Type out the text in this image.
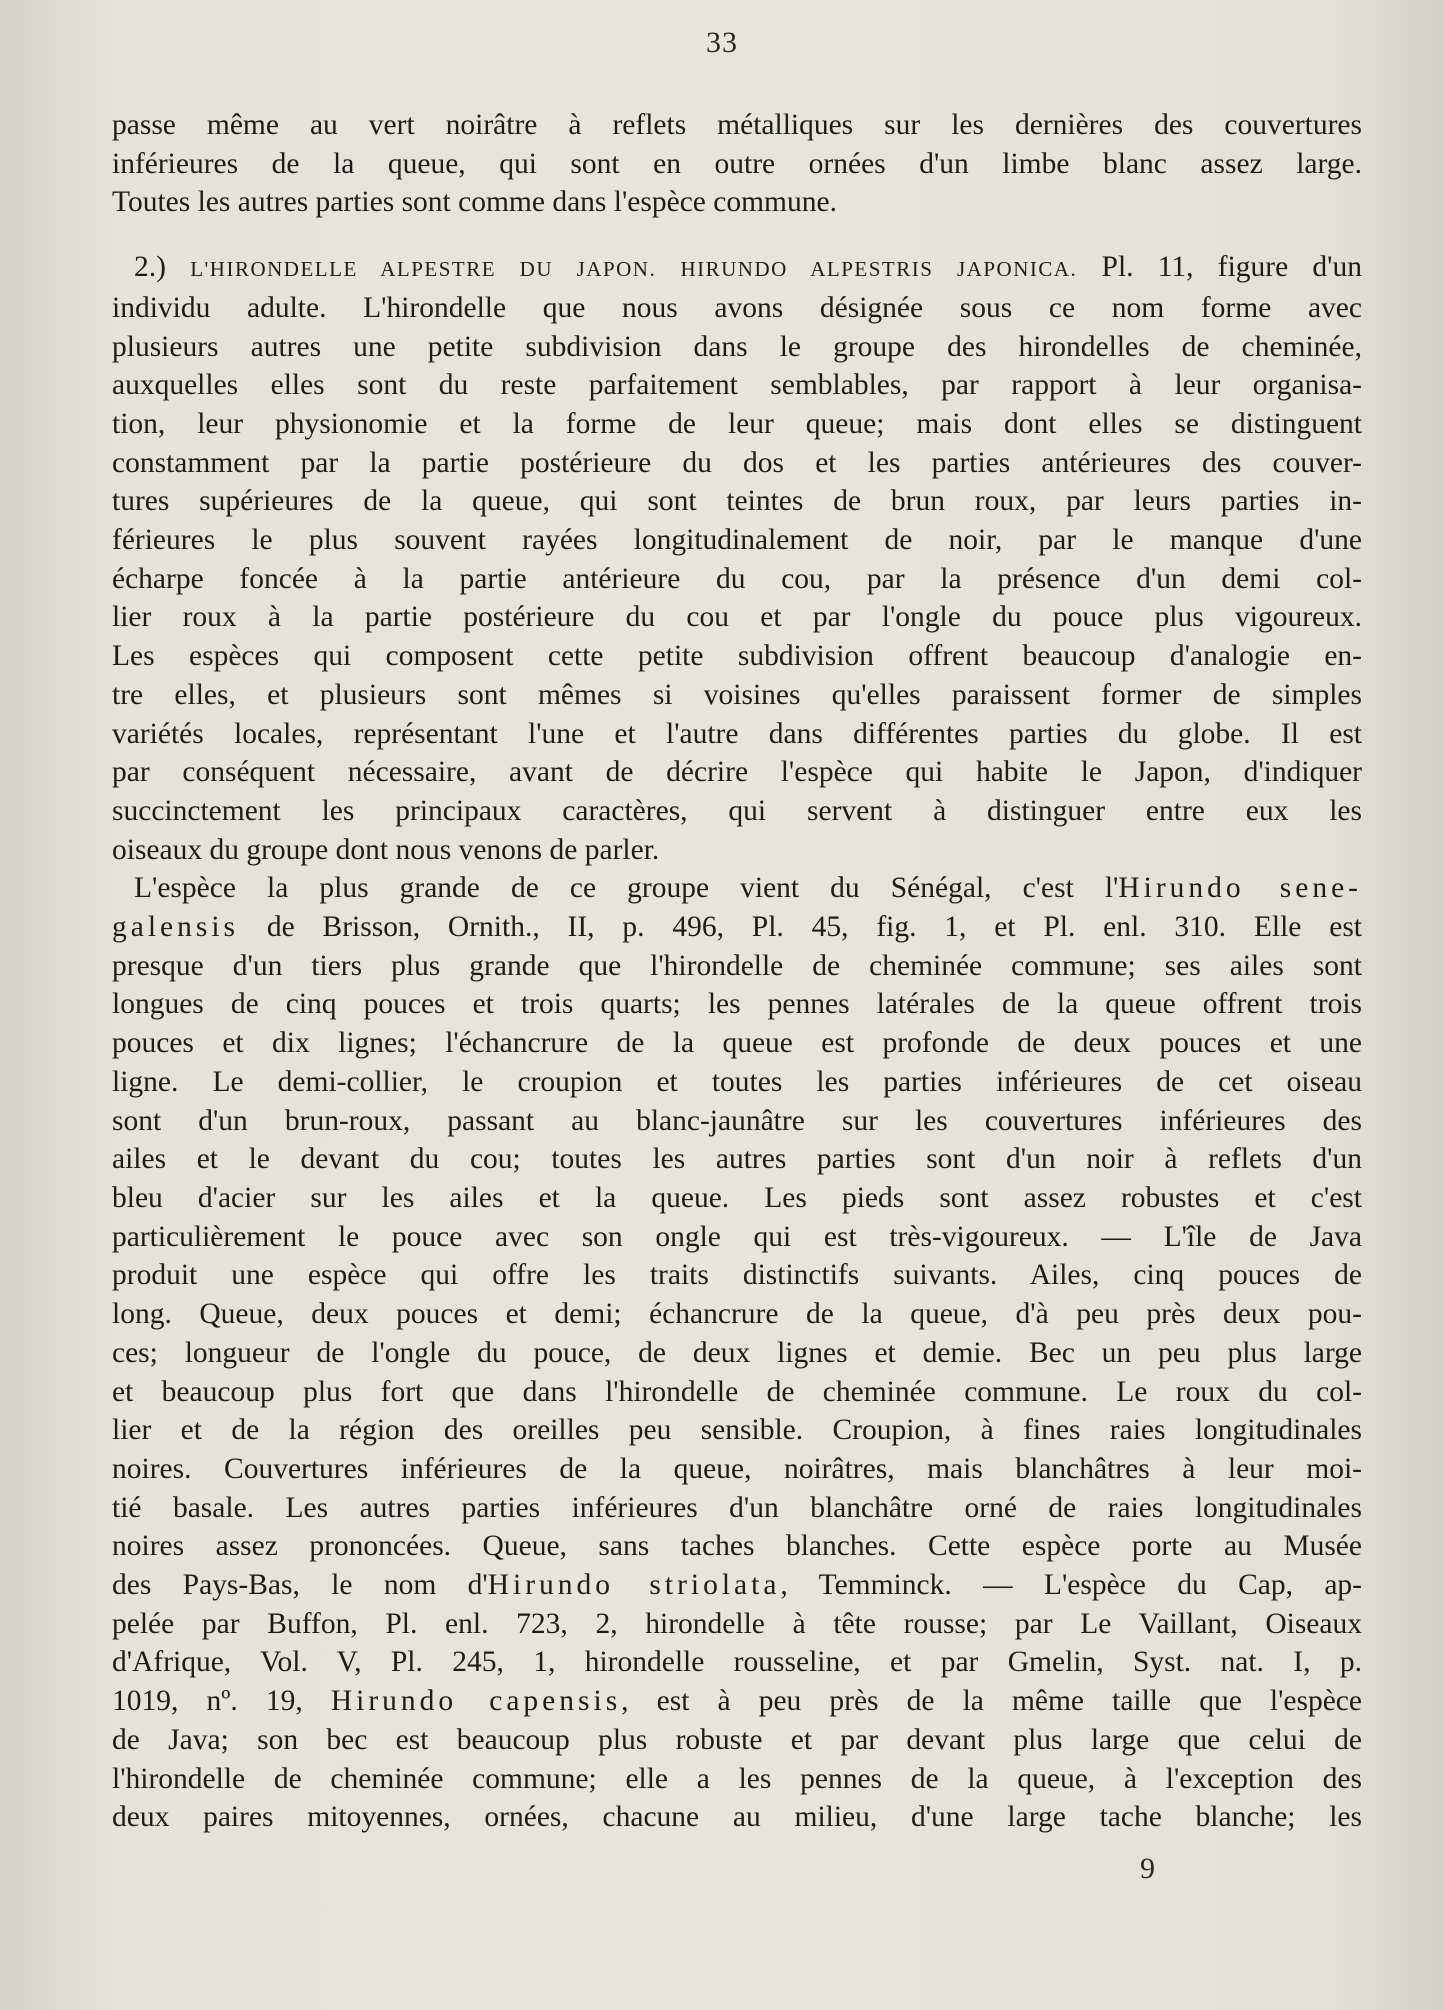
33
passe même au vert noirâtre à reflets métalliques sur les dernières des couvertures
inférieures de la queue, qui sont en outre ornées d'un limbe blanc assez large.
Toutes les autres parties sont comme dans l'espèce commune.
2.) L'HIRONDELLE ALPESTRE DU JAPON. HIRUNDO ALPESTRIS JAPONICA. Pl. 11, figure d'un
individu adulte. L'hirondelle que nous avons désignée sous ce nom forme avec
plusieurs autres une petite subdivision dans le groupe des hirondelles de cheminée,
auxquelles elles sont du reste parfaitement semblables, par rapport à leur organisa-
tion, leur physionomie et la forme de leur queue; mais dont elles se distinguent
constamment par la partie postérieure du dos et les parties antérieures des couver-
tures supérieures de la queue, qui sont teintes de brun roux, par leurs parties in-
férieures le plus souvent rayées longitudinalement de noir, par le manque d'une
écharpe foncée à la partie antérieure du cou, par la présence d'un demi col-
lier roux à la partie postérieure du cou et par l'ongle du pouce plus vigoureux.
Les espèces qui composent cette petite subdivision offrent beaucoup d'analogie en-
tre elles, et plusieurs sont mêmes si voisines qu'elles paraissent former de simples
variétés locales, représentant l'une et l'autre dans différentes parties du globe. Il est
par conséquent nécessaire, avant de décrire l'espèce qui habite le Japon, d'indiquer
succinctement les principaux caractères, qui servent à distinguer entre eux les
oiseaux du groupe dont nous venons de parler.
L'espèce la plus grande de ce groupe vient du Sénégal, c'est l'Hirundo sene-
galensis de Brisson, Ornith., II, p. 496, Pl. 45, fig. 1, et Pl. enl. 310. Elle est
presque d'un tiers plus grande que l'hirondelle de cheminée commune; ses ailes sont
longues de cinq pouces et trois quarts; les pennes latérales de la queue offrent trois
pouces et dix lignes; l'échancrure de la queue est profonde de deux pouces et une
ligne. Le demi-collier, le croupion et toutes les parties inférieures de cet oiseau
sont d'un brun-roux, passant au blanc-jaunâtre sur les couvertures inférieures des
ailes et le devant du cou; toutes les autres parties sont d'un noir à reflets d'un
bleu d'acier sur les ailes et la queue. Les pieds sont assez robustes et c'est
particulièrement le pouce avec son ongle qui est très-vigoureux. — L'île de Java
produit une espèce qui offre les traits distinctifs suivants. Ailes, cinq pouces de
long. Queue, deux pouces et demi; échancrure de la queue, d'à peu près deux pou-
ces; longueur de l'ongle du pouce, de deux lignes et demie. Bec un peu plus large
et beaucoup plus fort que dans l'hirondelle de cheminée commune. Le roux du col-
lier et de la région des oreilles peu sensible. Croupion, à fines raies longitudinales
noires. Couvertures inférieures de la queue, noirâtres, mais blanchâtres à leur moi-
tié basale. Les autres parties inférieures d'un blanchâtre orné de raies longitudinales
noires assez prononcées. Queue, sans taches blanches. Cette espèce porte au Musée
des Pays-Bas, le nom d'Hirundo striolata, Temminck. — L'espèce du Cap, ap-
pelée par Buffon, Pl. enl. 723, 2, hirondelle à tête rousse; par Le Vaillant, Oiseaux
d'Afrique, Vol. V, Pl. 245, 1, hirondelle rousseline, et par Gmelin, Syst. nat. I, p.
1019, nº. 19, Hirundo capensis, est à peu près de la même taille que l'espèce
de Java; son bec est beaucoup plus robuste et par devant plus large que celui de
l'hirondelle de cheminée commune; elle a les pennes de la queue, à l'exception des
deux paires mitoyennes, ornées, chacune au milieu, d'une large tache blanche; les
9
